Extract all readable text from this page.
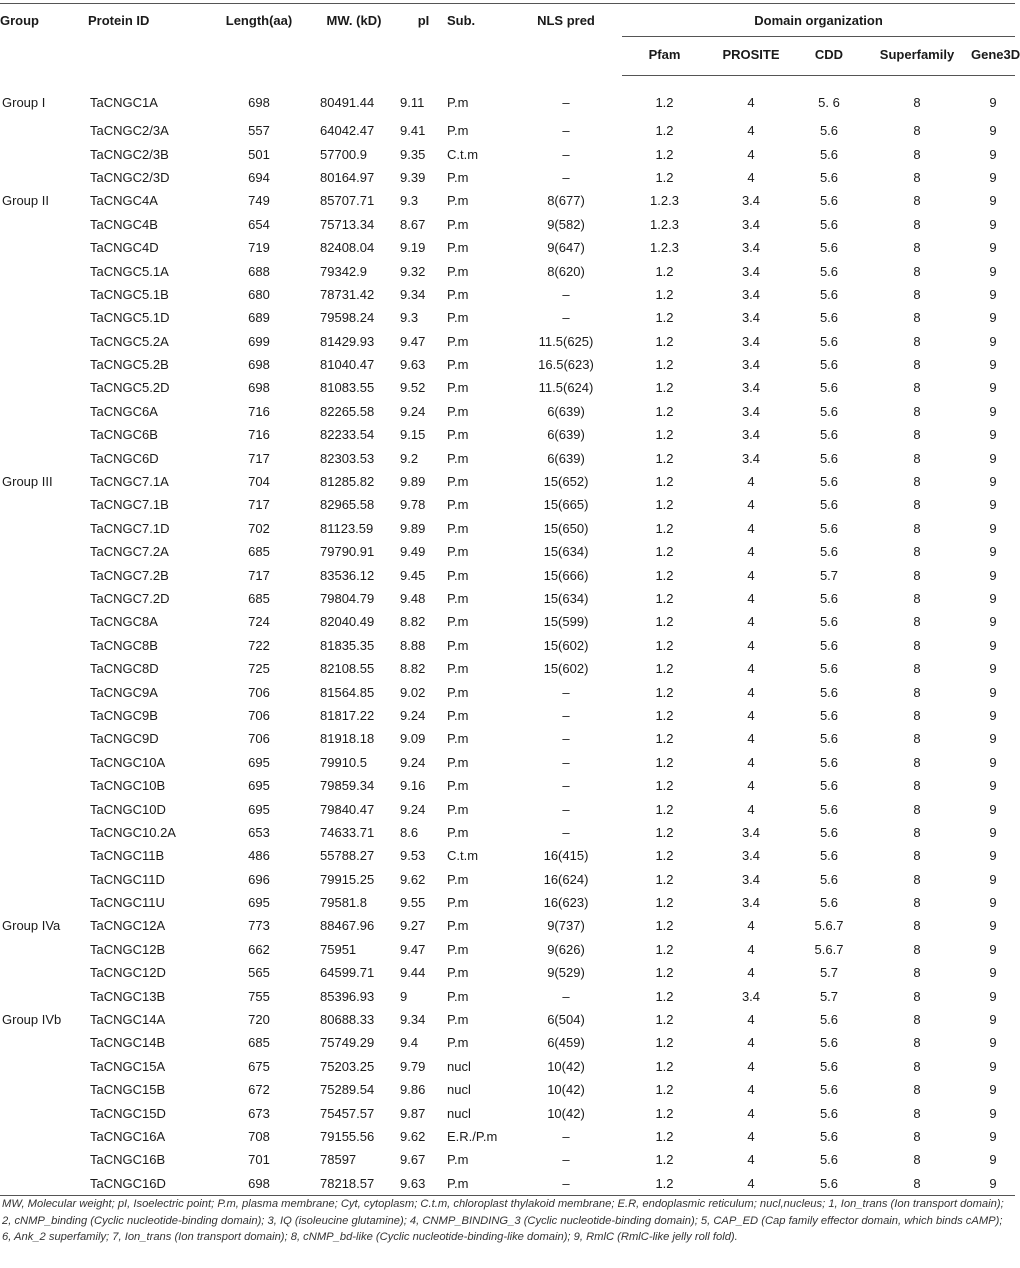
Group	Protein ID	Length(aa)	MW. (kD)	pI	Sub.	NLS pred	Domain organization				
							Pfam	PROSITE	CDD	Superfamily	Gene3D
Group I	TaCNGC1A	698	80491.44	9.11	P.m	–	1.2	4	5. 6	8	9
	TaCNGC2/3A	557	64042.47	9.41	P.m	–	1.2	4	5.6	8	9
	TaCNGC2/3B	501	57700.9	9.35	C.t.m	–	1.2	4	5.6	8	9
	TaCNGC2/3D	694	80164.97	9.39	P.m	–	1.2	4	5.6	8	9
Group II	TaCNGC4A	749	85707.71	9.3	P.m	8(677)	1.2.3	3.4	5.6	8	9
	TaCNGC4B	654	75713.34	8.67	P.m	9(582)	1.2.3	3.4	5.6	8	9
	TaCNGC4D	719	82408.04	9.19	P.m	9(647)	1.2.3	3.4	5.6	8	9
	TaCNGC5.1A	688	79342.9	9.32	P.m	8(620)	1.2	3.4	5.6	8	9
	TaCNGC5.1B	680	78731.42	9.34	P.m	–	1.2	3.4	5.6	8	9
	TaCNGC5.1D	689	79598.24	9.3	P.m	–	1.2	3.4	5.6	8	9
	TaCNGC5.2A	699	81429.93	9.47	P.m	11.5(625)	1.2	3.4	5.6	8	9
	TaCNGC5.2B	698	81040.47	9.63	P.m	16.5(623)	1.2	3.4	5.6	8	9
	TaCNGC5.2D	698	81083.55	9.52	P.m	11.5(624)	1.2	3.4	5.6	8	9
	TaCNGC6A	716	82265.58	9.24	P.m	6(639)	1.2	3.4	5.6	8	9
	TaCNGC6B	716	82233.54	9.15	P.m	6(639)	1.2	3.4	5.6	8	9
	TaCNGC6D	717	82303.53	9.2	P.m	6(639)	1.2	3.4	5.6	8	9
Group III	TaCNGC7.1A	704	81285.82	9.89	P.m	15(652)	1.2	4	5.6	8	9
	TaCNGC7.1B	717	82965.58	9.78	P.m	15(665)	1.2	4	5.6	8	9
	TaCNGC7.1D	702	81123.59	9.89	P.m	15(650)	1.2	4	5.6	8	9
	TaCNGC7.2A	685	79790.91	9.49	P.m	15(634)	1.2	4	5.6	8	9
	TaCNGC7.2B	717	83536.12	9.45	P.m	15(666)	1.2	4	5.7	8	9
	TaCNGC7.2D	685	79804.79	9.48	P.m	15(634)	1.2	4	5.6	8	9
	TaCNGC8A	724	82040.49	8.82	P.m	15(599)	1.2	4	5.6	8	9
	TaCNGC8B	722	81835.35	8.88	P.m	15(602)	1.2	4	5.6	8	9
	TaCNGC8D	725	82108.55	8.82	P.m	15(602)	1.2	4	5.6	8	9
	TaCNGC9A	706	81564.85	9.02	P.m	–	1.2	4	5.6	8	9
	TaCNGC9B	706	81817.22	9.24	P.m	–	1.2	4	5.6	8	9
	TaCNGC9D	706	81918.18	9.09	P.m	–	1.2	4	5.6	8	9
	TaCNGC10A	695	79910.5	9.24	P.m	–	1.2	4	5.6	8	9
	TaCNGC10B	695	79859.34	9.16	P.m	–	1.2	4	5.6	8	9
	TaCNGC10D	695	79840.47	9.24	P.m	–	1.2	4	5.6	8	9
	TaCNGC10.2A	653	74633.71	8.6	P.m	–	1.2	3.4	5.6	8	9
	TaCNGC11B	486	55788.27	9.53	C.t.m	16(415)	1.2	3.4	5.6	8	9
	TaCNGC11D	696	79915.25	9.62	P.m	16(624)	1.2	3.4	5.6	8	9
	TaCNGC11U	695	79581.8	9.55	P.m	16(623)	1.2	3.4	5.6	8	9
Group IVa	TaCNGC12A	773	88467.96	9.27	P.m	9(737)	1.2	4	5.6.7	8	9
	TaCNGC12B	662	75951	9.47	P.m	9(626)	1.2	4	5.6.7	8	9
	TaCNGC12D	565	64599.71	9.44	P.m	9(529)	1.2	4	5.7	8	9
	TaCNGC13B	755	85396.93	9	P.m	–	1.2	3.4	5.7	8	9
Group IVb	TaCNGC14A	720	80688.33	9.34	P.m	6(504)	1.2	4	5.6	8	9
	TaCNGC14B	685	75749.29	9.4	P.m	6(459)	1.2	4	5.6	8	9
	TaCNGC15A	675	75203.25	9.79	nucl	10(42)	1.2	4	5.6	8	9
	TaCNGC15B	672	75289.54	9.86	nucl	10(42)	1.2	4	5.6	8	9
	TaCNGC15D	673	75457.57	9.87	nucl	10(42)	1.2	4	5.6	8	9
	TaCNGC16A	708	79155.56	9.62	E.R./P.m	–	1.2	4	5.6	8	9
	TaCNGC16B	701	78597	9.67	P.m	–	1.2	4	5.6	8	9
	TaCNGC16D	698	78218.57	9.63	P.m	–	1.2	4	5.6	8	9
MW, Molecular weight; pI, Isoelectric point; P.m, plasma membrane; Cyt, cytoplasm; C.t.m, chloroplast thylakoid membrane; E.R, endoplasmic reticulum; nucl,nucleus; 1, Ion_trans (Ion transport domain); 2, cNMP_binding (Cyclic nucleotide-binding domain); 3, IQ (isoleucine glutamine); 4, CNMP_BINDING_3 (Cyclic nucleotide-binding domain); 5, CAP_ED (Cap family effector domain, which binds cAMP); 6, Ank_2 superfamily; 7, Ion_trans (Ion transport domain); 8, cNMP_bd-like (Cyclic nucleotide-binding-like domain); 9, RmlC (RmlC-like jelly roll fold).
